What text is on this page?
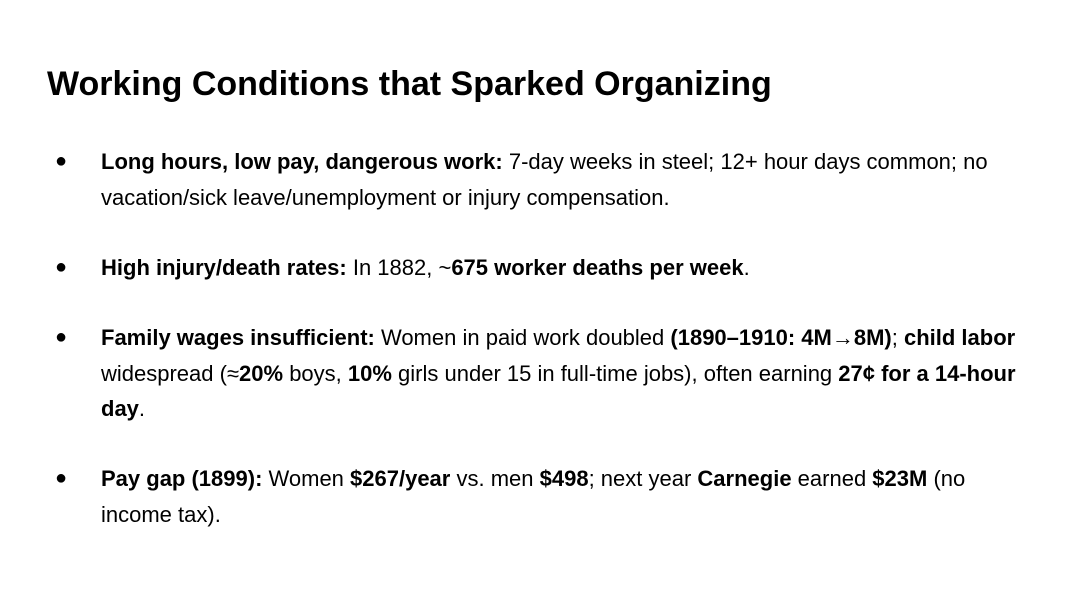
Working Conditions that Sparked Organizing
●	Long hours, low pay, dangerous work: 7-day weeks in steel; 12+ hour days common; no vacation/sick leave/unemployment or injury compensation.
●	High injury/death rates: In 1882, ~675 worker deaths per week.
●	Family wages insufficient: Women in paid work doubled (1890–1910: 4M→8M); child labor widespread (≈20% boys, 10% girls under 15 in full-time jobs), often earning 27¢ for a 14-hour day.
●	Pay gap (1899): Women $267/year vs. men $498; next year Carnegie earned $23M (no income tax).
